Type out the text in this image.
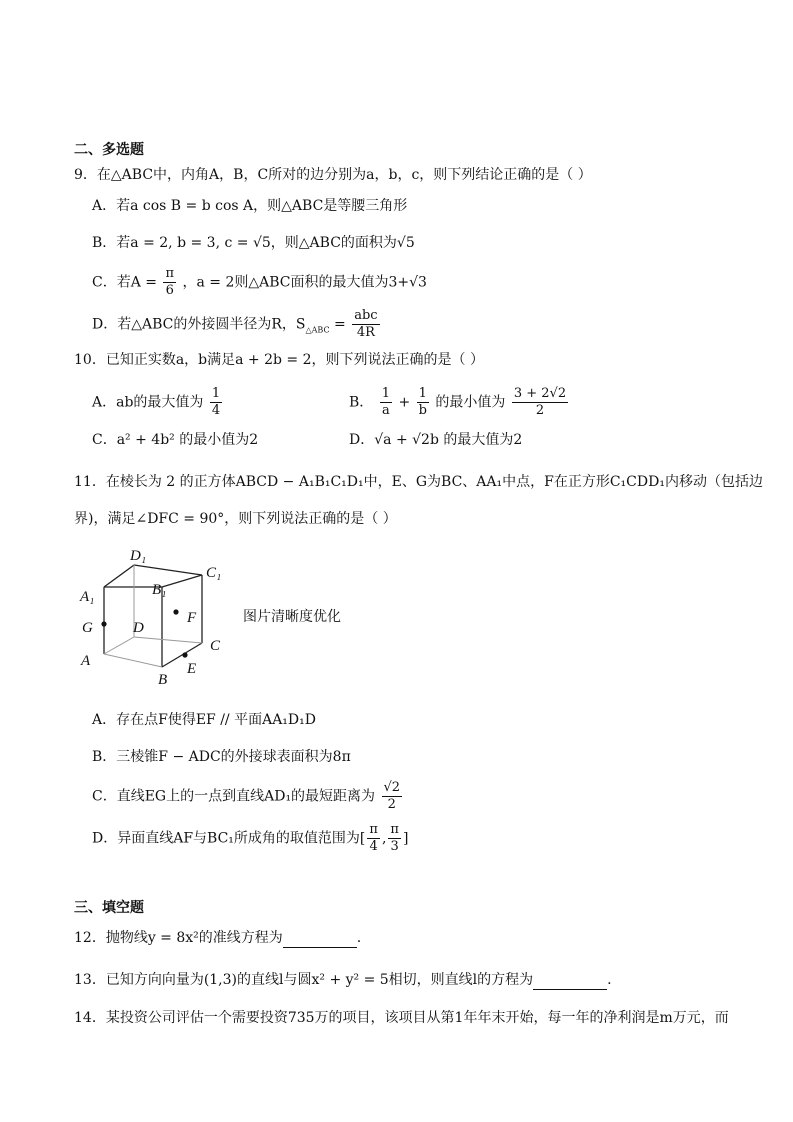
二、多选题
9．在△ABC中，内角A，B，C所对的边分别为a，b，c，则下列结论正确的是（ ）
A．若a cos B = b cos A，则△ABC是等腰三角形
B．若a = 2, b = 3, c = √5，则△ABC的面积为√5
C．若$A = \frac{\pi}{6}$ ，a = 2则△ABC面积的最大值为3+√3
D．若△ABC的外接圆半径为R，$S_{\triangle ABC} = \frac{\text{abc}}{4R}$
10．已知正实数a，b满足a + 2b = 2，则下列说法正确的是（ ）
A．ab的最大值为 $\frac{1}{4}$	B． $\frac{1}{a} + \frac{1}{b}$ 的最小值为 $\frac{3 + 2√2}{2}$
C．a² + 4b² 的最小值为2	D．√a + √2b 的最大值为2
11．在棱长为 2 的正方体ABCD − A₁B₁C₁D₁中，E、G为BC、AA₁中点，F在正方形C₁CDD₁内移动（包括边
界)，满足∠DFC = 90°，则下列说法正确的是（ ）
D₁
C₁
A₁	B₁
F
G	D
C
A	E
B
图片清晰度优化
A．存在点F使得EF // 平面AA₁D₁D
B．三棱锥F − ADC的外接球表面积为8π
C．直线EG上的一点到直线AD₁的最短距离为 $\frac{√2}{2}$
D．异面直线AF与BC₁所成角的取值范围为[ $\frac{\pi}{4}$ , $\frac{\pi}{3}$ ]
三、填空题
12．抛物线y = 8x²的准线方程为	.
13．已知方向向量为(1,3)的直线l与圆x² + y² = 5相切，则直线l的方程为	.
14．某投资公司评估一个需要投资735万的项目，该项目从第1年年末开始，每一年的净利润是m万元，而
